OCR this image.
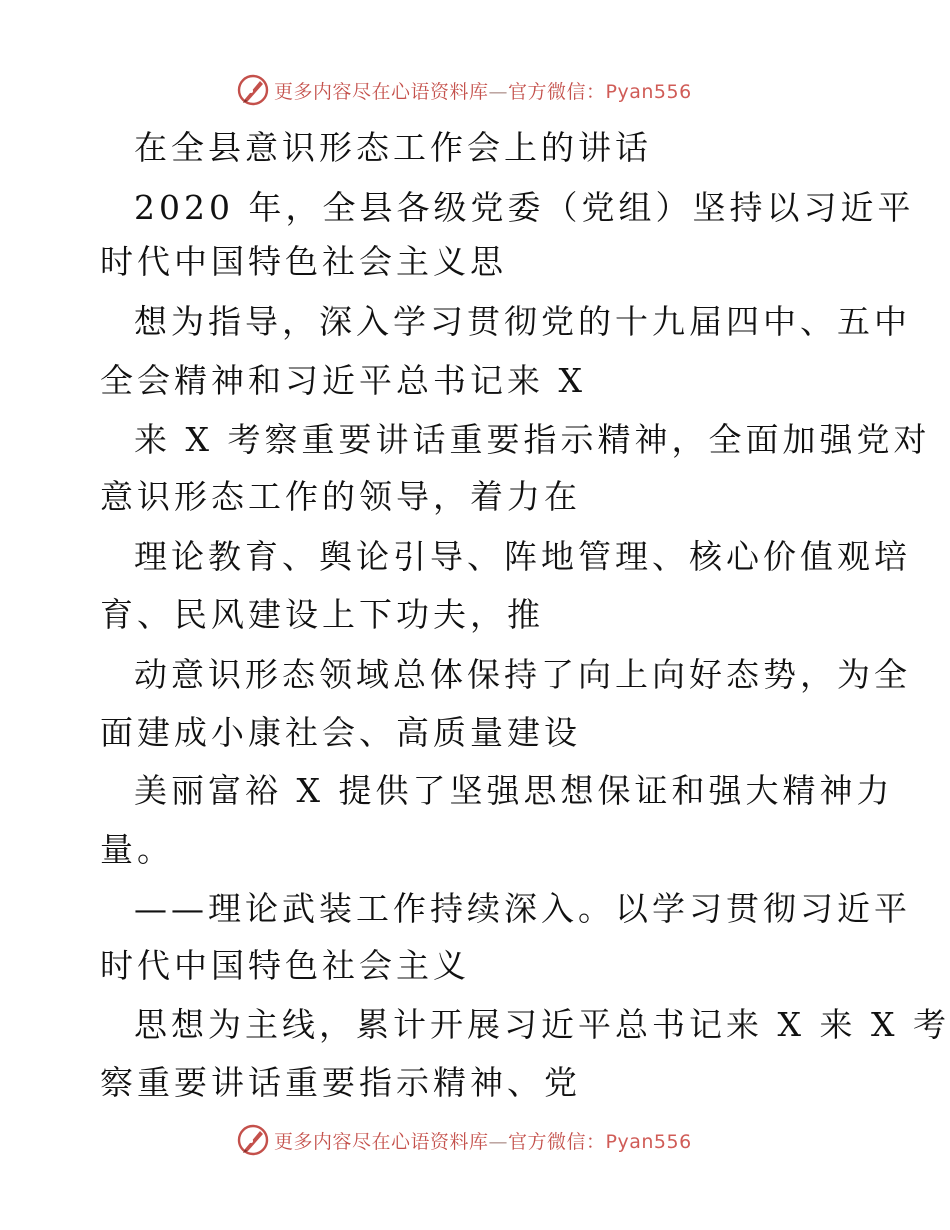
更多内容尽在心语资料库—官方微信：Pyan556
在全县意识形态工作会上的讲话
2020 年，全县各级党委（党组）坚持以习近平
时代中国特色社会主义思
想为指导，深入学习贯彻党的十九届四中、五中
全会精神和习近平总书记来 X
来 X 考察重要讲话重要指示精神，全面加强党对
意识形态工作的领导，着力在
理论教育、舆论引导、阵地管理、核心价值观培
育、民风建设上下功夫，推
动意识形态领域总体保持了向上向好态势，为全
面建成小康社会、高质量建设
美丽富裕 X 提供了坚强思想保证和强大精神力
量。
——理论武装工作持续深入。以学习贯彻习近平
时代中国特色社会主义
思想为主线，累计开展习近平总书记来 X 来 X 考
察重要讲话重要指示精神、党
更多内容尽在心语资料库—官方微信：Pyan556
